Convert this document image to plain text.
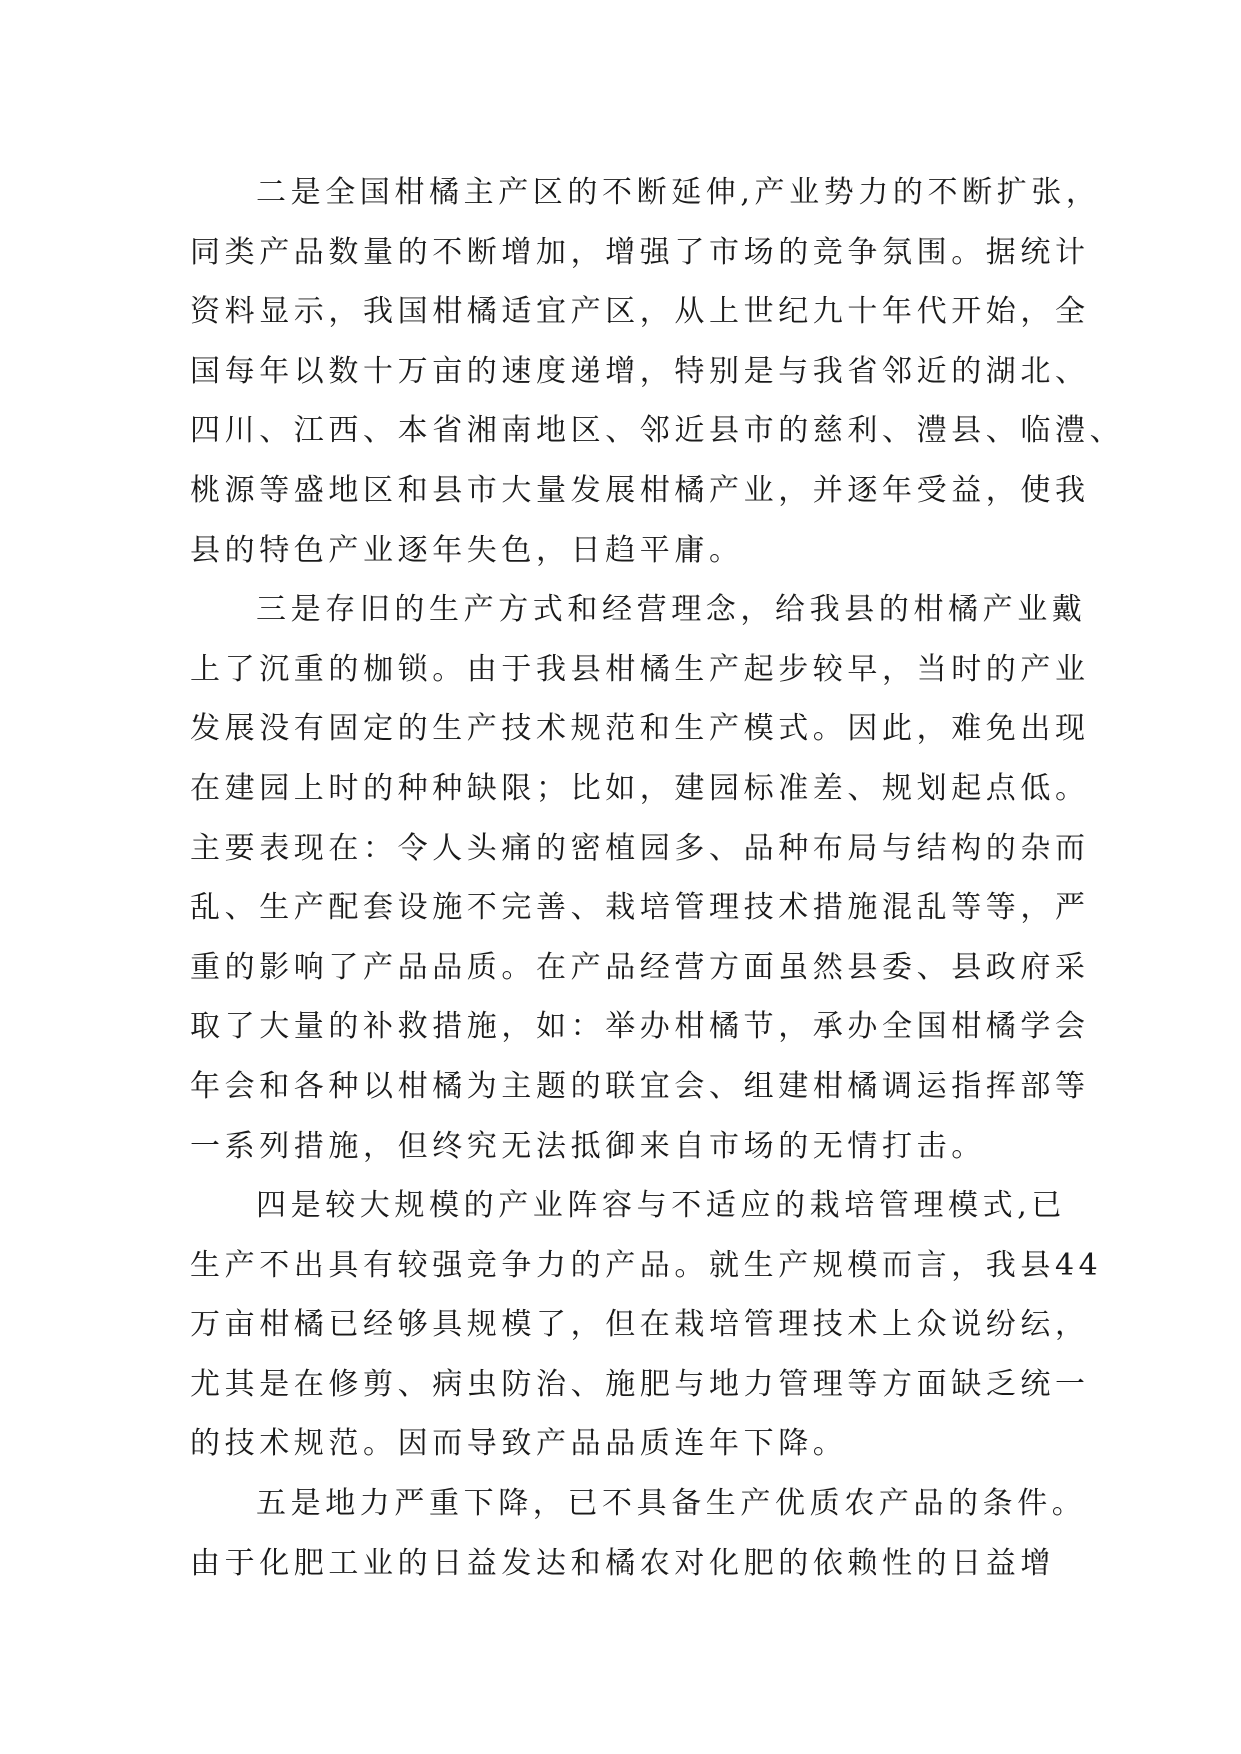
二是全国柑橘主产区的不断延伸,产业势力的不断扩张，
同类产品数量的不断增加，增强了市场的竞争氛围。据统计
资料显示，我国柑橘适宜产区，从上世纪九十年代开始，全
国每年以数十万亩的速度递增，特别是与我省邻近的湖北、
四川、江西、本省湘南地区、邻近县市的慈利、澧县、临澧、
桃源等盛地区和县市大量发展柑橘产业，并逐年受益，使我
县的特色产业逐年失色，日趋平庸。
三是存旧的生产方式和经营理念，给我县的柑橘产业戴
上了沉重的枷锁。由于我县柑橘生产起步较早，当时的产业
发展没有固定的生产技术规范和生产模式。因此，难免出现
在建园上时的种种缺限；比如，建园标准差、规划起点低。
主要表现在：令人头痛的密植园多、品种布局与结构的杂而
乱、生产配套设施不完善、栽培管理技术措施混乱等等，严
重的影响了产品品质。在产品经营方面虽然县委、县政府采
取了大量的补救措施，如：举办柑橘节，承办全国柑橘学会
年会和各种以柑橘为主题的联宜会、组建柑橘调运指挥部等
一系列措施，但终究无法抵御来自市场的无情打击。
四是较大规模的产业阵容与不适应的栽培管理模式,已
生产不出具有较强竞争力的产品。就生产规模而言，我县44
万亩柑橘已经够具规模了，但在栽培管理技术上众说纷纭，
尤其是在修剪、病虫防治、施肥与地力管理等方面缺乏统一
的技术规范。因而导致产品品质连年下降。
五是地力严重下降，已不具备生产优质农产品的条件。
由于化肥工业的日益发达和橘农对化肥的依赖性的日益增
